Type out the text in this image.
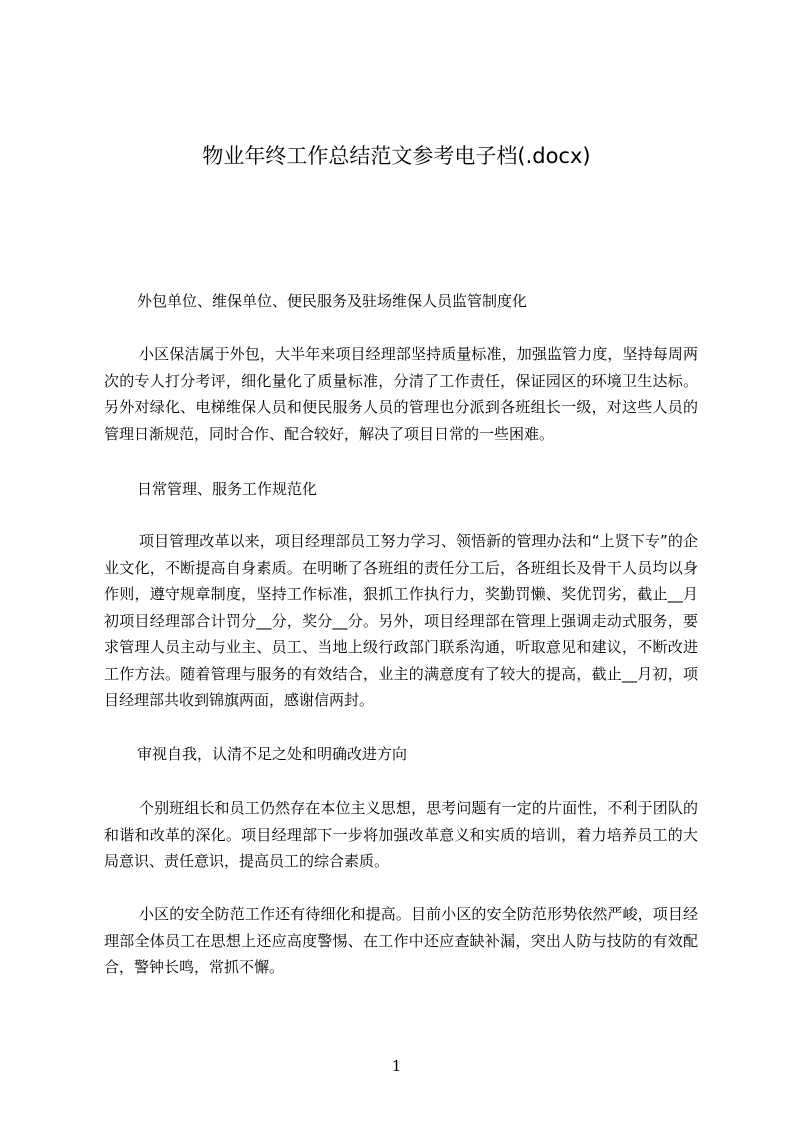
物业年终工作总结范文参考电子档(.docx)

外包单位、维保单位、便民服务及驻场维保人员监管制度化

小区保洁属于外包，大半年来项目经理部坚持质量标准，加强监管力度，坚持每周两次的专人打分考评，细化量化了质量标准，分清了工作责任，保证园区的环境卫生达标。另外对绿化、电梯维保人员和便民服务人员的管理也分派到各班组长一级，对这些人员的管理日渐规范，同时合作、配合较好，解决了项目日常的一些困难。

日常管理、服务工作规范化

项目管理改革以来，项目经理部员工努力学习、领悟新的管理办法和“上贤下专”的企业文化，不断提高自身素质。在明晰了各班组的责任分工后，各班组长及骨干人员均以身作则，遵守规章制度，坚持工作标准，狠抓工作执行力，奖勤罚懒、奖优罚劣，截止__月初项目经理部合计罚分__分，奖分__分。另外，项目经理部在管理上强调走动式服务，要求管理人员主动与业主、员工、当地上级行政部门联系沟通，听取意见和建议，不断改进工作方法。随着管理与服务的有效结合，业主的满意度有了较大的提高，截止__月初，项目经理部共收到锦旗两面，感谢信两封。

审视自我，认清不足之处和明确改进方向

个别班组长和员工仍然存在本位主义思想，思考问题有一定的片面性，不利于团队的和谐和改革的深化。项目经理部下一步将加强改革意义和实质的培训，着力培养员工的大局意识、责任意识，提高员工的综合素质。

小区的安全防范工作还有待细化和提高。目前小区的安全防范形势依然严峻，项目经理部全体员工在思想上还应高度警惕、在工作中还应查缺补漏，突出人防与技防的有效配合，警钟长鸣，常抓不懈。

1
